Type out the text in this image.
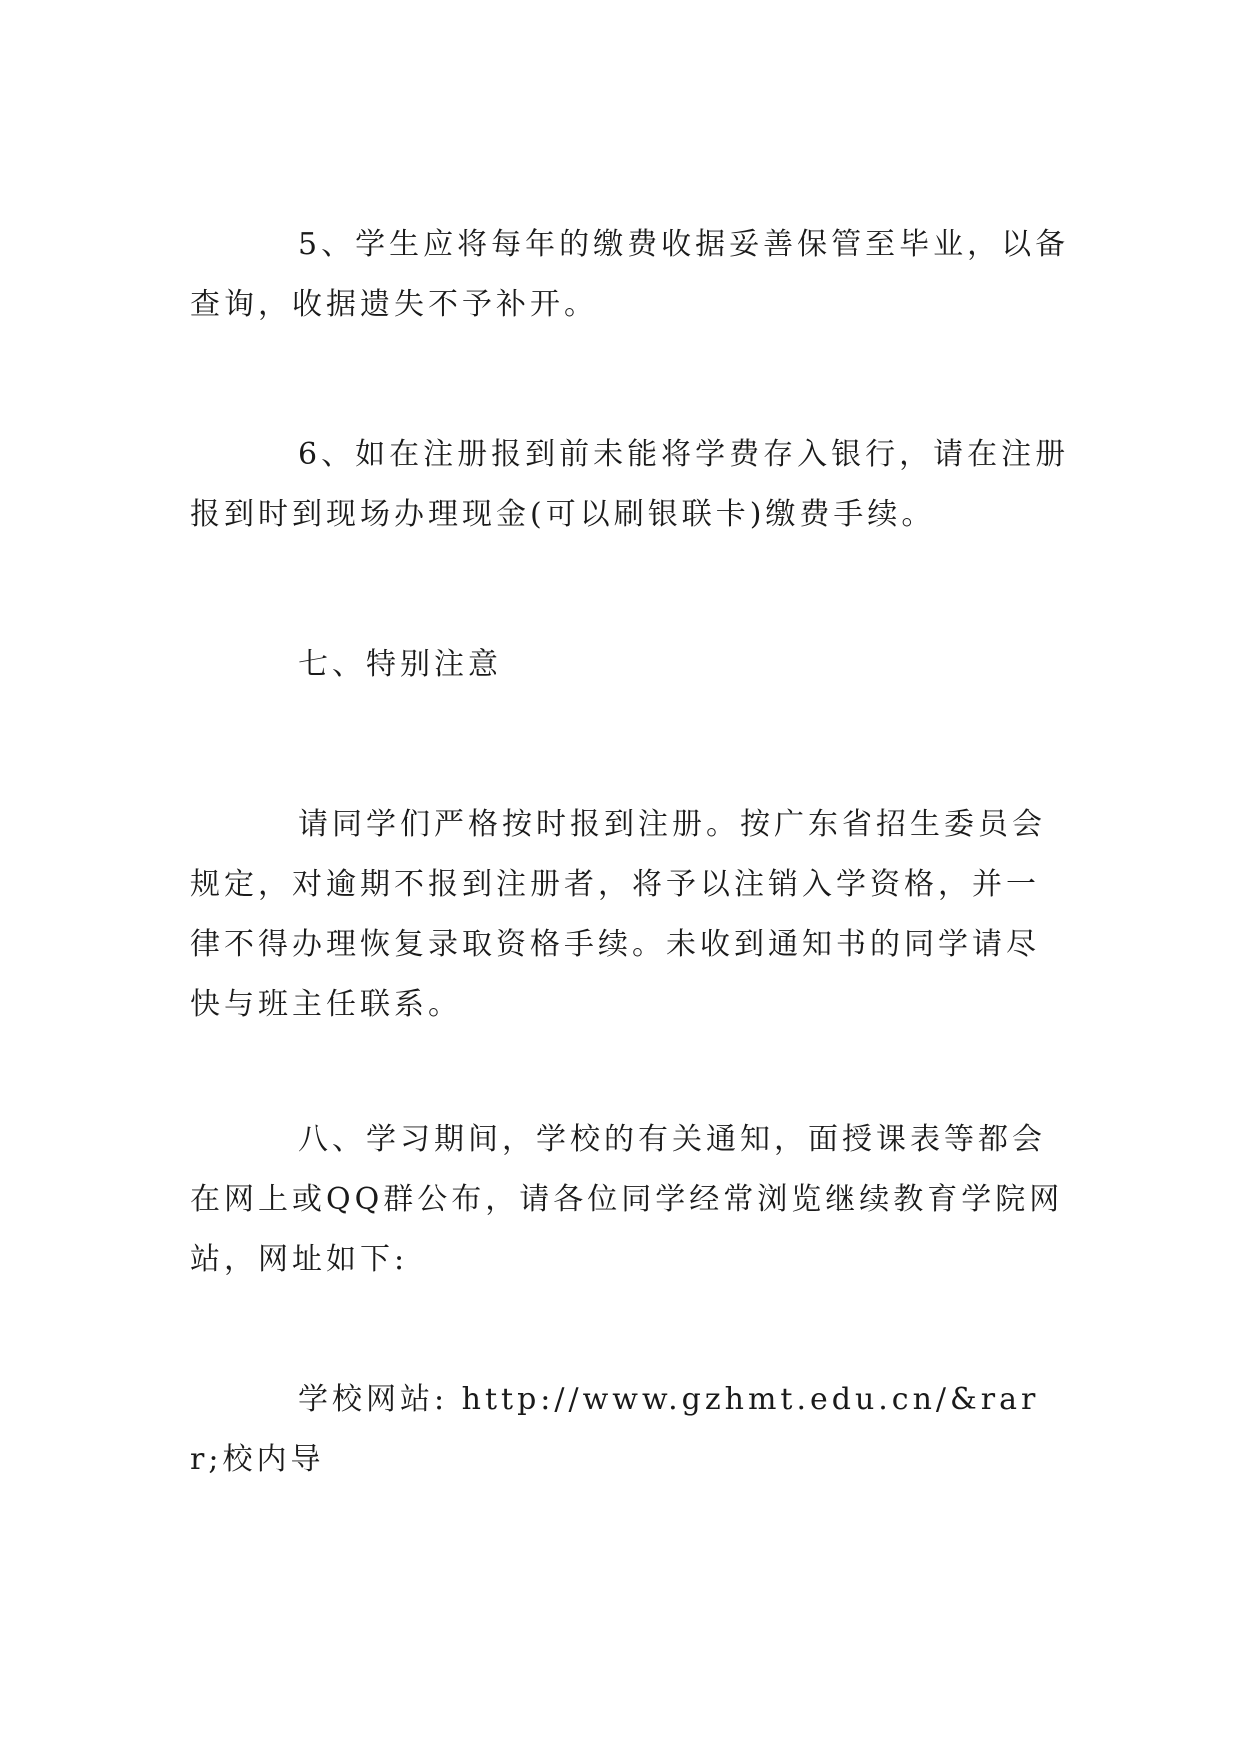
5、学生应将每年的缴费收据妥善保管至毕业，以备查询，收据遗失不予补开。

6、如在注册报到前未能将学费存入银行，请在注册报到时到现场办理现金(可以刷银联卡)缴费手续。

七、特别注意

请同学们严格按时报到注册。按广东省招生委员会规定，对逾期不报到注册者，将予以注销入学资格，并一律不得办理恢复录取资格手续。未收到通知书的同学请尽快与班主任联系。

八、学习期间，学校的有关通知，面授课表等都会在网上或QQ群公布，请各位同学经常浏览继续教育学院网站，网址如下:

学校网站: http://www.gzhmt.edu.cn/&rarr;校内导
